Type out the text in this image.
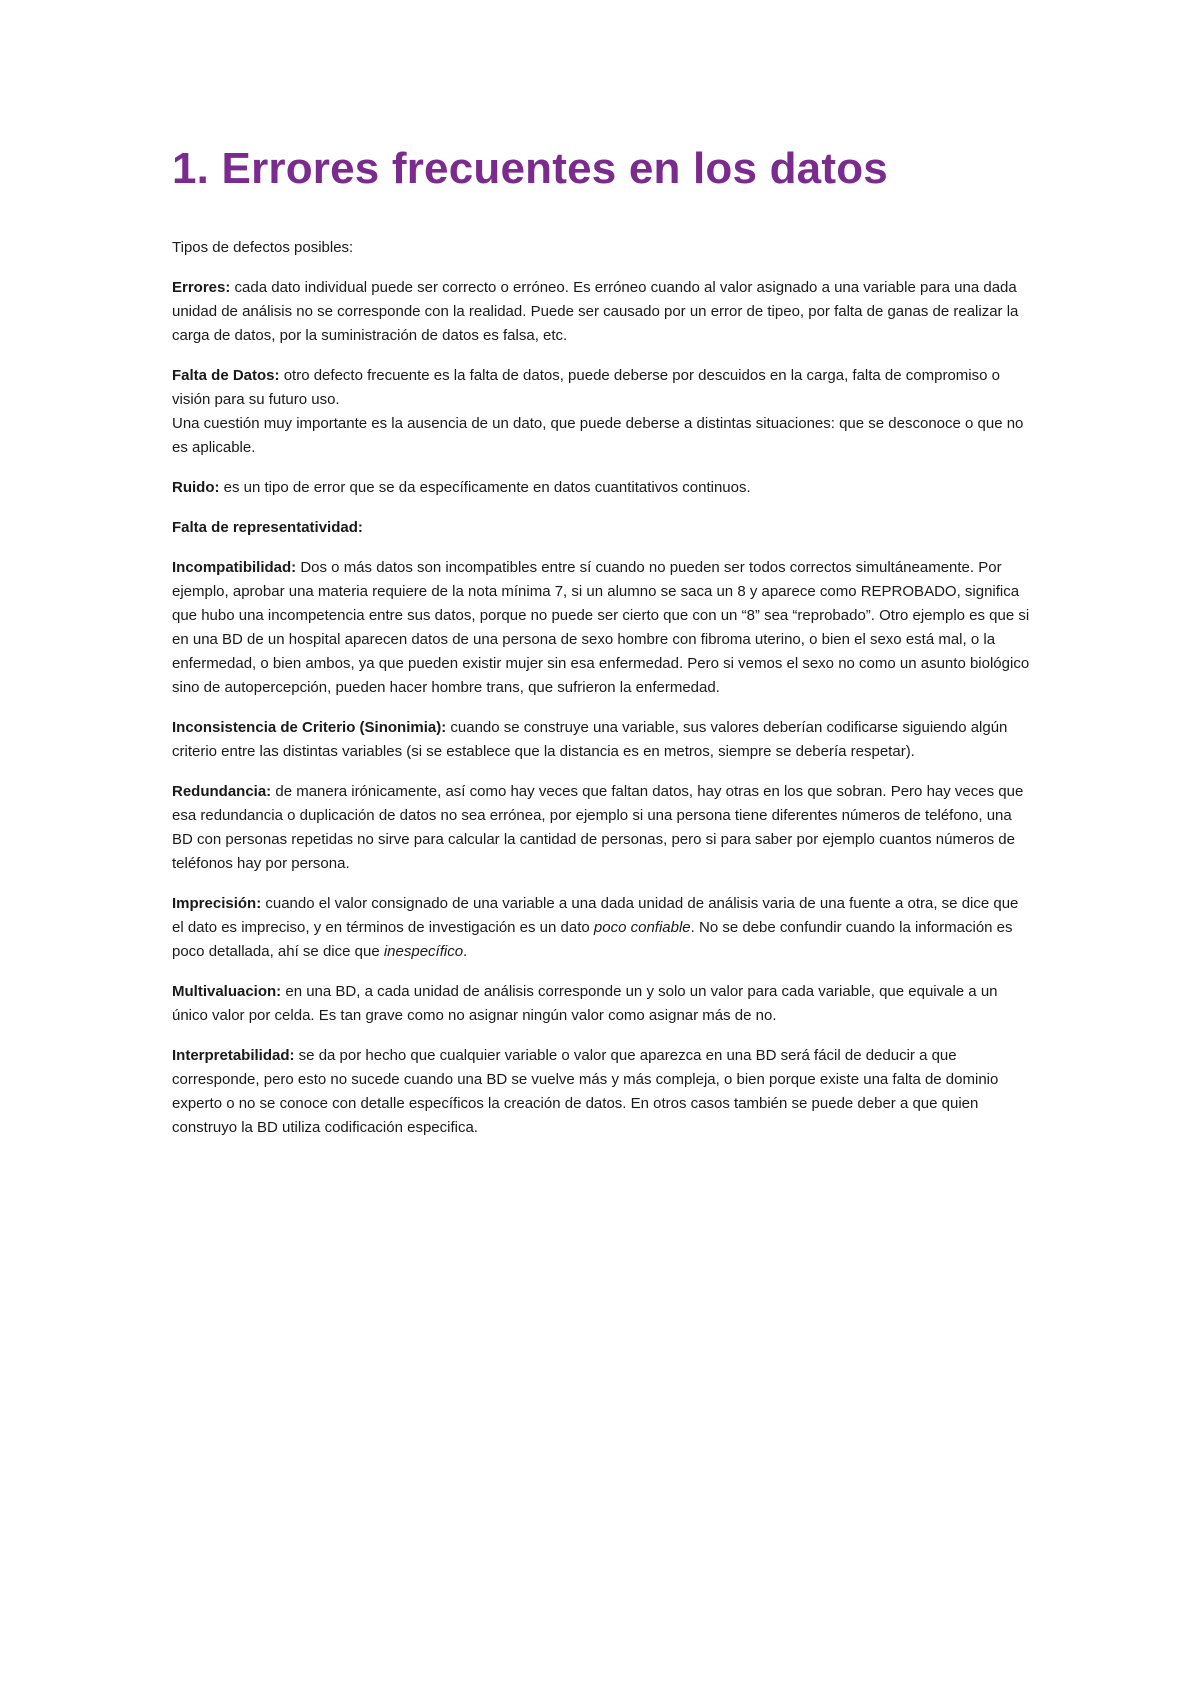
1. Errores frecuentes en los datos

Tipos de defectos posibles:

Errores: cada dato individual puede ser correcto o erróneo. Es erróneo cuando al valor asignado a una variable para una dada unidad de análisis no se corresponde con la realidad. Puede ser causado por un error de tipeo, por falta de ganas de realizar la carga de datos, por la suministración de datos es falsa, etc.

Falta de Datos: otro defecto frecuente es la falta de datos, puede deberse por descuidos en la carga, falta de compromiso o visión para su futuro uso.
Una cuestión muy importante es la ausencia de un dato, que puede deberse a distintas situaciones: que se desconoce o que no es aplicable.

Ruido: es un tipo de error que se da específicamente en datos cuantitativos continuos.

Falta de representatividad:

Incompatibilidad: Dos o más datos son incompatibles entre sí cuando no pueden ser todos correctos simultáneamente. Por ejemplo, aprobar una materia requiere de la nota mínima 7, si un alumno se saca un 8 y aparece como REPROBADO, significa que hubo una incompetencia entre sus datos, porque no puede ser cierto que con un “8” sea “reprobado”. Otro ejemplo es que si en una BD de un hospital aparecen datos de una persona de sexo hombre con fibroma uterino, o bien el sexo está mal, o la enfermedad, o bien ambos, ya que pueden existir mujer sin esa enfermedad. Pero si vemos el sexo no como un asunto biológico sino de autopercepción, pueden hacer hombre trans, que sufrieron la enfermedad.

Inconsistencia de Criterio (Sinonimia): cuando se construye una variable, sus valores deberían codificarse siguiendo algún criterio entre las distintas variables (si se establece que la distancia es en metros, siempre se debería respetar).

Redundancia: de manera irónicamente, así como hay veces que faltan datos, hay otras en los que sobran. Pero hay veces que esa redundancia o duplicación de datos no sea errónea, por ejemplo si una persona tiene diferentes números de teléfono, una BD con personas repetidas no sirve para calcular la cantidad de personas, pero si para saber por ejemplo cuantos números de teléfonos hay por persona.

Imprecisión: cuando el valor consignado de una variable a una dada unidad de análisis varia de una fuente a otra, se dice que el dato es impreciso, y en términos de investigación es un dato poco confiable. No se debe confundir cuando la información es poco detallada, ahí se dice que inespecífico.

Multivaluacion: en una BD, a cada unidad de análisis corresponde un y solo un valor para cada variable, que equivale a un único valor por celda. Es tan grave como no asignar ningún valor como asignar más de no.

Interpretabilidad: se da por hecho que cualquier variable o valor que aparezca en una BD será fácil de deducir a que corresponde, pero esto no sucede cuando una BD se vuelve más y más compleja, o bien porque existe una falta de dominio experto o no se conoce con detalle específicos la creación de datos. En otros casos también se puede deber a que quien construyo la BD utiliza codificación especifica.
